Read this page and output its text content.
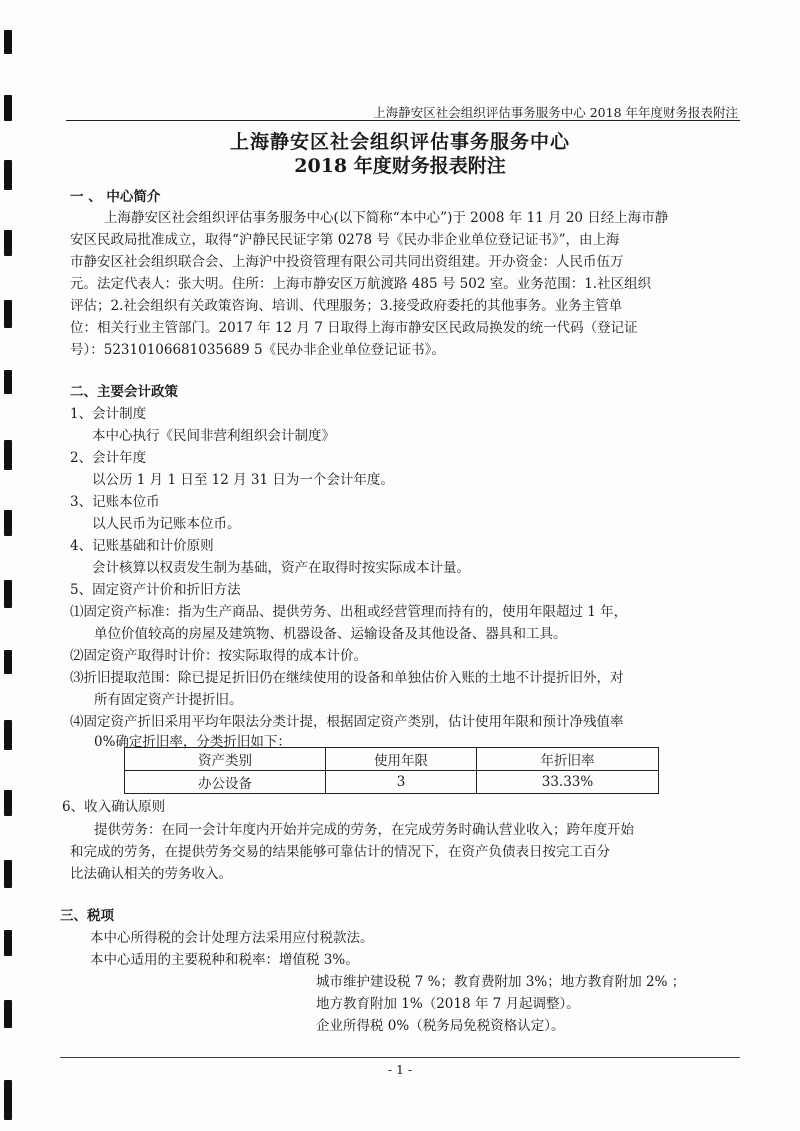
上海静安区社会组织评估事务服务中心 2018 年年度财务报表附注
上海静安区社会组织评估事务服务中心
2018 年度财务报表附注
一 、 中心简介
上海静安区社会组织评估事务服务中心(以下简称“本中心”)于 2008 年 11 月 20 日经上海市静
安区民政局批准成立，取得“沪静民民证字第 0278 号《民办非企业单位登记证书》”，由上海
市静安区社会组织联合会、上海沪中投资管理有限公司共同出资组建。开办资金：人民币伍万
元。法定代表人：张大明。住所：上海市静安区万航渡路 485 号 502 室。业务范围：1.社区组织
评估；2.社会组织有关政策咨询、培训、代理服务；3.接受政府委托的其他事务。业务主管单
位：相关行业主管部门。2017 年 12 月 7 日取得上海市静安区民政局换发的统一代码（登记证
号）：52310106681035689 5《民办非企业单位登记证书》。
二、主要会计政策
1、会计制度
本中心执行《民间非营利组织会计制度》
2、会计年度
以公历 1 月 1 日至 12 月 31 日为一个会计年度。
3、记账本位币
以人民币为记账本位币。
4、记账基础和计价原则
会计核算以权责发生制为基础，资产在取得时按实际成本计量。
5、固定资产计价和折旧方法
⑴固定资产标准：指为生产商品、提供劳务、出租或经营管理而持有的，使用年限超过 1 年，
单位价值较高的房屋及建筑物、机器设备、运输设备及其他设备、器具和工具。
⑵固定资产取得时计价：按实际取得的成本计价。
⑶折旧提取范围：除已提足折旧仍在继续使用的设备和单独估价入账的土地不计提折旧外，对
所有固定资产计提折旧。
⑷固定资产折旧采用平均年限法分类计提，根据固定资产类别，估计使用年限和预计净残值率
0%确定折旧率，分类折旧如下：
资产类别	使用年限	年折旧率
办公设备	3	33.33%
6、收入确认原则
提供劳务：在同一会计年度内开始并完成的劳务，在完成劳务时确认营业收入；跨年度开始
和完成的劳务，在提供劳务交易的结果能够可靠估计的情况下，在资产负债表日按完工百分
比法确认相关的劳务收入。
三、税项
本中心所得税的会计处理方法采用应付税款法。
本中心适用的主要税种和税率：增值税 3%。
城市维护建设税 7 %；教育费附加 3%；地方教育附加 2% ；
地方教育附加 1%（2018 年 7 月起调整）。
企业所得税 0%（税务局免税资格认定）。
- 1 -
